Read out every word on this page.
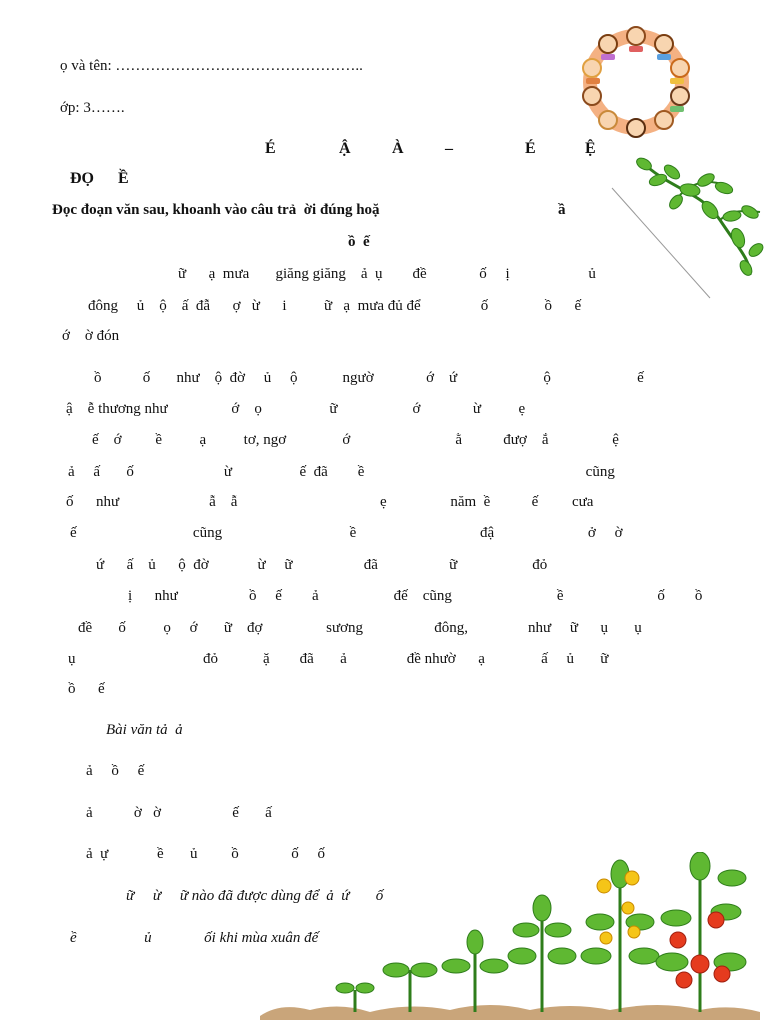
ọ và tên: …………………………………………..
ớp: 3…….
É	Ậ	À	–	É	Ệ
ĐỌ      Ề
Đọc đoạn văn sau, khoanh vào câu trả  ời đúng hoặ	ầ
ồ  ế
ữ      ạ  mưa       giăng giăng    ả  ụ        đề              ố     ị                     ủ
đông     ủ    ộ    ấ  đẫ      ợ   ừ      i          ữ   ạ  mưa đủ để                ố               ồ      ế
ớ    ờ đón
ồ           ố       như    ộ  đờ     ủ     ộ            ngườ              ớ    ứ                       ộ                       ế
ậ    ễ thương như                 ớ    ọ                  ữ                    ớ              ừ          ẹ
ế    ớ         ề          ạ          tơ, ngơ               ớ                            ằ           đượ    ắ                 ệ
ả     ấ       ố                        ừ                  ế  đã        ề                                                           cũng
ố      như                        ẫ    ẫ                                      ẹ                 năm  ề           ế         cưa
ế                               cũng                                  ề                                 đậ                         ở     ờ
ứ      ấ    ủ      ộ  đờ             ừ     ữ                   đã                   ữ                    đỏ
ị      như                   ồ     ế        ả                    đế    cũng                            ề                         ố        ồ
đề       ố          ọ     ớ       ữ    đợ                 sương                   đông,                như     ữ      ụ       ụ
ụ                                  đỏ            ặ        đã       ả                đề nhườ      ạ               ấ     ủ       ữ
ồ      ế
Bài văn tả  ả
ả     ồ     ế
ả           ờ   ờ                   ế       ấ
ả  ự             ề       ủ         ồ              ố     ố
ữ     ừ     ữ nào đã được dùng để  ả  ứ       ố
ề                  ủ              ối khi mùa xuân đế
